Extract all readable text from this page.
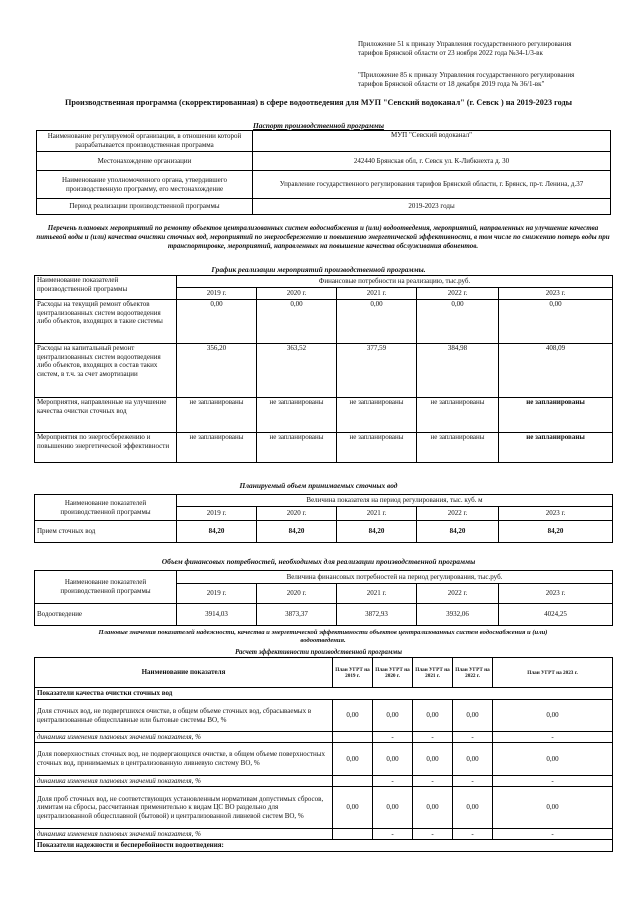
Приложение 51 к приказу Управления государственного регулирования
тарифов Брянской области от 23 ноября 2022 года №34-1/3-вк
"Приложение 85 к приказу Управления государственного регулирования
тарифов Брянской области от 18 декабря 2019 года № 36/1-вк"
Производственная программа (скорректированная) в сфере водоотведения для МУП "Севский водоканал" (г. Севск ) на 2019-2023 годы
Паспорт производственной программы
Наименование регулируемой организации, в отношении которой разрабатывается производственная программа	МУП "Севский водоканал"
Местонахождение организации	242440 Брянская обл, г. Севск ул. К-Либкнехта д. 30
Наименование уполномоченного органа, утвердившего производственную программу, его местонахождение	Управление государственного регулирования тарифов Брянской области, г. Брянск, пр-т. Ленина, д.37
Период реализации производственной программы	2019-2023 годы
Перечень плановых мероприятий по ремонту объектов централизованных систем водоснабжения и (или) водоотведения, мероприятий, направленных на улучшение качества питьевой воды и (или) качества очистки сточных вод, мероприятий по энергосбережению и повышению энергетической эффективности, в том числе по снижению потерь воды при транспортировке, мероприятий, направленных на повышение качества обслуживания абонентов.
График реализации мероприятий производственной программы.
Наименование показателей производственной программы	Финансовые потребности на реализацию, тыс.руб.				
	2019 г.	2020 г.	2021 г.	2022 г.	2023 г.
Расходы на текущий ремонт объектов централизованных систем водоотведения либо объектов, входящих в такие системы	0,00	0,00	0,00	0,00	0,00
Расходы на капитальный ремонт централизованных систем водоотведения либо объектов, входящих в состав таких систем, в т.ч. за счет амортизации	356,20	363,52	377,59	384,98	408,09
Мероприятия, направленные на улучшение качества очистки сточных вод	не запланированы	не запланированы	не запланированы	не запланированы	не запланированы
Мероприятия по энергосбережению и повышению энергетической эффективности	не запланированы	не запланированы	не запланированы	не запланированы	не запланированы
Планируемый объем принимаемых сточных вод
Наименование показателей производственной программы	Величина показателя на период регулирования, тыс. куб. м				
	2019 г.	2020 г.	2021 г.	2022 г.	2023 г.
Прием сточных вод	84,20	84,20	84,20	84,20	84,20
Объем финансовых потребностей, необходимых для реализации производственной программы
Наименование показателей производственной программы	Величина финансовых потребностей на период регулирования, тыс.руб.				
	2019 г.	2020 г.	2021 г.	2022 г.	2023 г.
Водоотведение	3914,03	3873,37	3872,93	3932,06	4024,25
Плановые значения показателей надежности, качества и энергетической эффективности объектов централизованных систем водоснабжения и (или)
водоотведения.
Расчет эффективности производственной программы
Наименование показателя	План УГРТ на 2019 г.	План УГРТ на 2020 г.	План УГРТ на 2021 г.	План УГРТ на 2022 г.	План УГРТ на 2023 г.
Показатели качества очистки сточных вод					
Доля сточных вод, не подвергшихся очистке, в общем объеме сточных вод, сбрасываемых в централизованные общесплавные или бытовые системы ВО, %	0,00	0,00	0,00	0,00	0,00
динамика изменения плановых значений показателя, %		-	-	-	-
Доля поверхностных сточных вод, не подвергающихся очистке, в общем объеме поверхностных сточных вод, принимаемых в централизованную ливневую систему ВО, %	0,00	0,00	0,00	0,00	0,00
динамика изменения плановых значений показателя, %		-	-	-	-
Доля проб сточных вод, не соответствующих установленным нормативам допустимых сбросов, лимитам на сбросы, рассчитанная применительно к видам ЦС ВО раздельно для централизованной общесплавной (бытовой) и централизованной ливневой систем ВО, %	0,00	0,00	0,00	0,00	0,00
динамика изменения плановых значений показателя, %		-	-	-	-
Показатели надежности и бесперебойности водоотведения:					
